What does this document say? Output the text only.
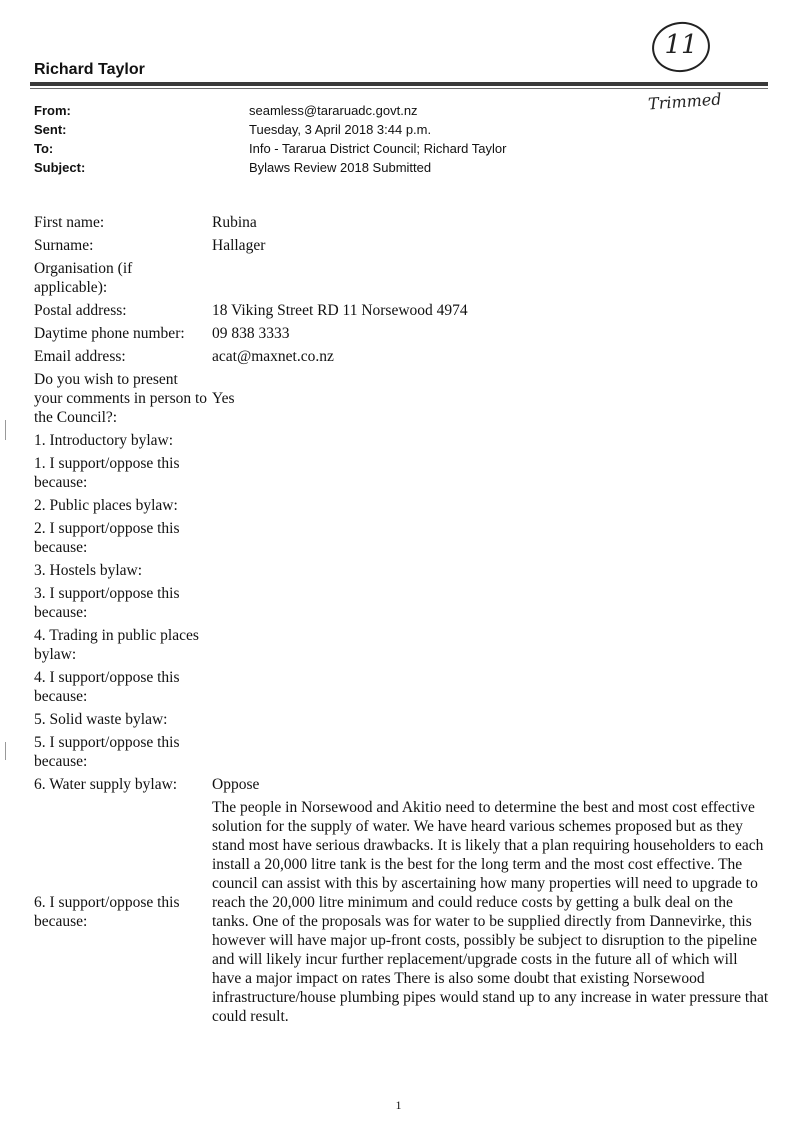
Richard Taylor
11
Trimmed
From:	seamless@tararuadc.govt.nz
Sent:	Tuesday, 3 April 2018 3:44 p.m.
To:	Info - Tararua District Council; Richard Taylor
Subject:	Bylaws Review 2018 Submitted
First name:	Rubina
Surname:	Hallager
Organisation (if applicable):
Postal address:	18 Viking Street RD 11 Norsewood 4974
Daytime phone number:	09 838 3333
Email address:	acat@maxnet.co.nz
Do you wish to present your comments in person to the Council?:
Yes
1. Introductory bylaw:
1. I support/oppose this because:
2. Public places bylaw:
2. I support/oppose this because:
3. Hostels bylaw:
3. I support/oppose this because:
4. Trading in public places bylaw:
4. I support/oppose this because:
5. Solid waste bylaw:
5. I support/oppose this because:
6. Water supply bylaw:	Oppose
6. I support/oppose this because:
The people in Norsewood and Akitio need to determine the best and most cost effective solution for the supply of water. We have heard various schemes proposed but as they stand most have serious drawbacks. It is likely that a plan requiring householders to each install a 20,000 litre tank is the best for the long term and the most cost effective. The council can assist with this by ascertaining how many properties will need to upgrade to reach the 20,000 litre minimum and could reduce costs by getting a bulk deal on the tanks. One of the proposals was for water to be supplied directly from Dannevirke, this however will have major up-front costs, possibly be subject to disruption to the pipeline and will likely incur further replacement/upgrade costs in the future all of which will have a major impact on rates There is also some doubt that existing Norsewood infrastructure/house plumbing pipes would stand up to any increase in water pressure that could result.
1
